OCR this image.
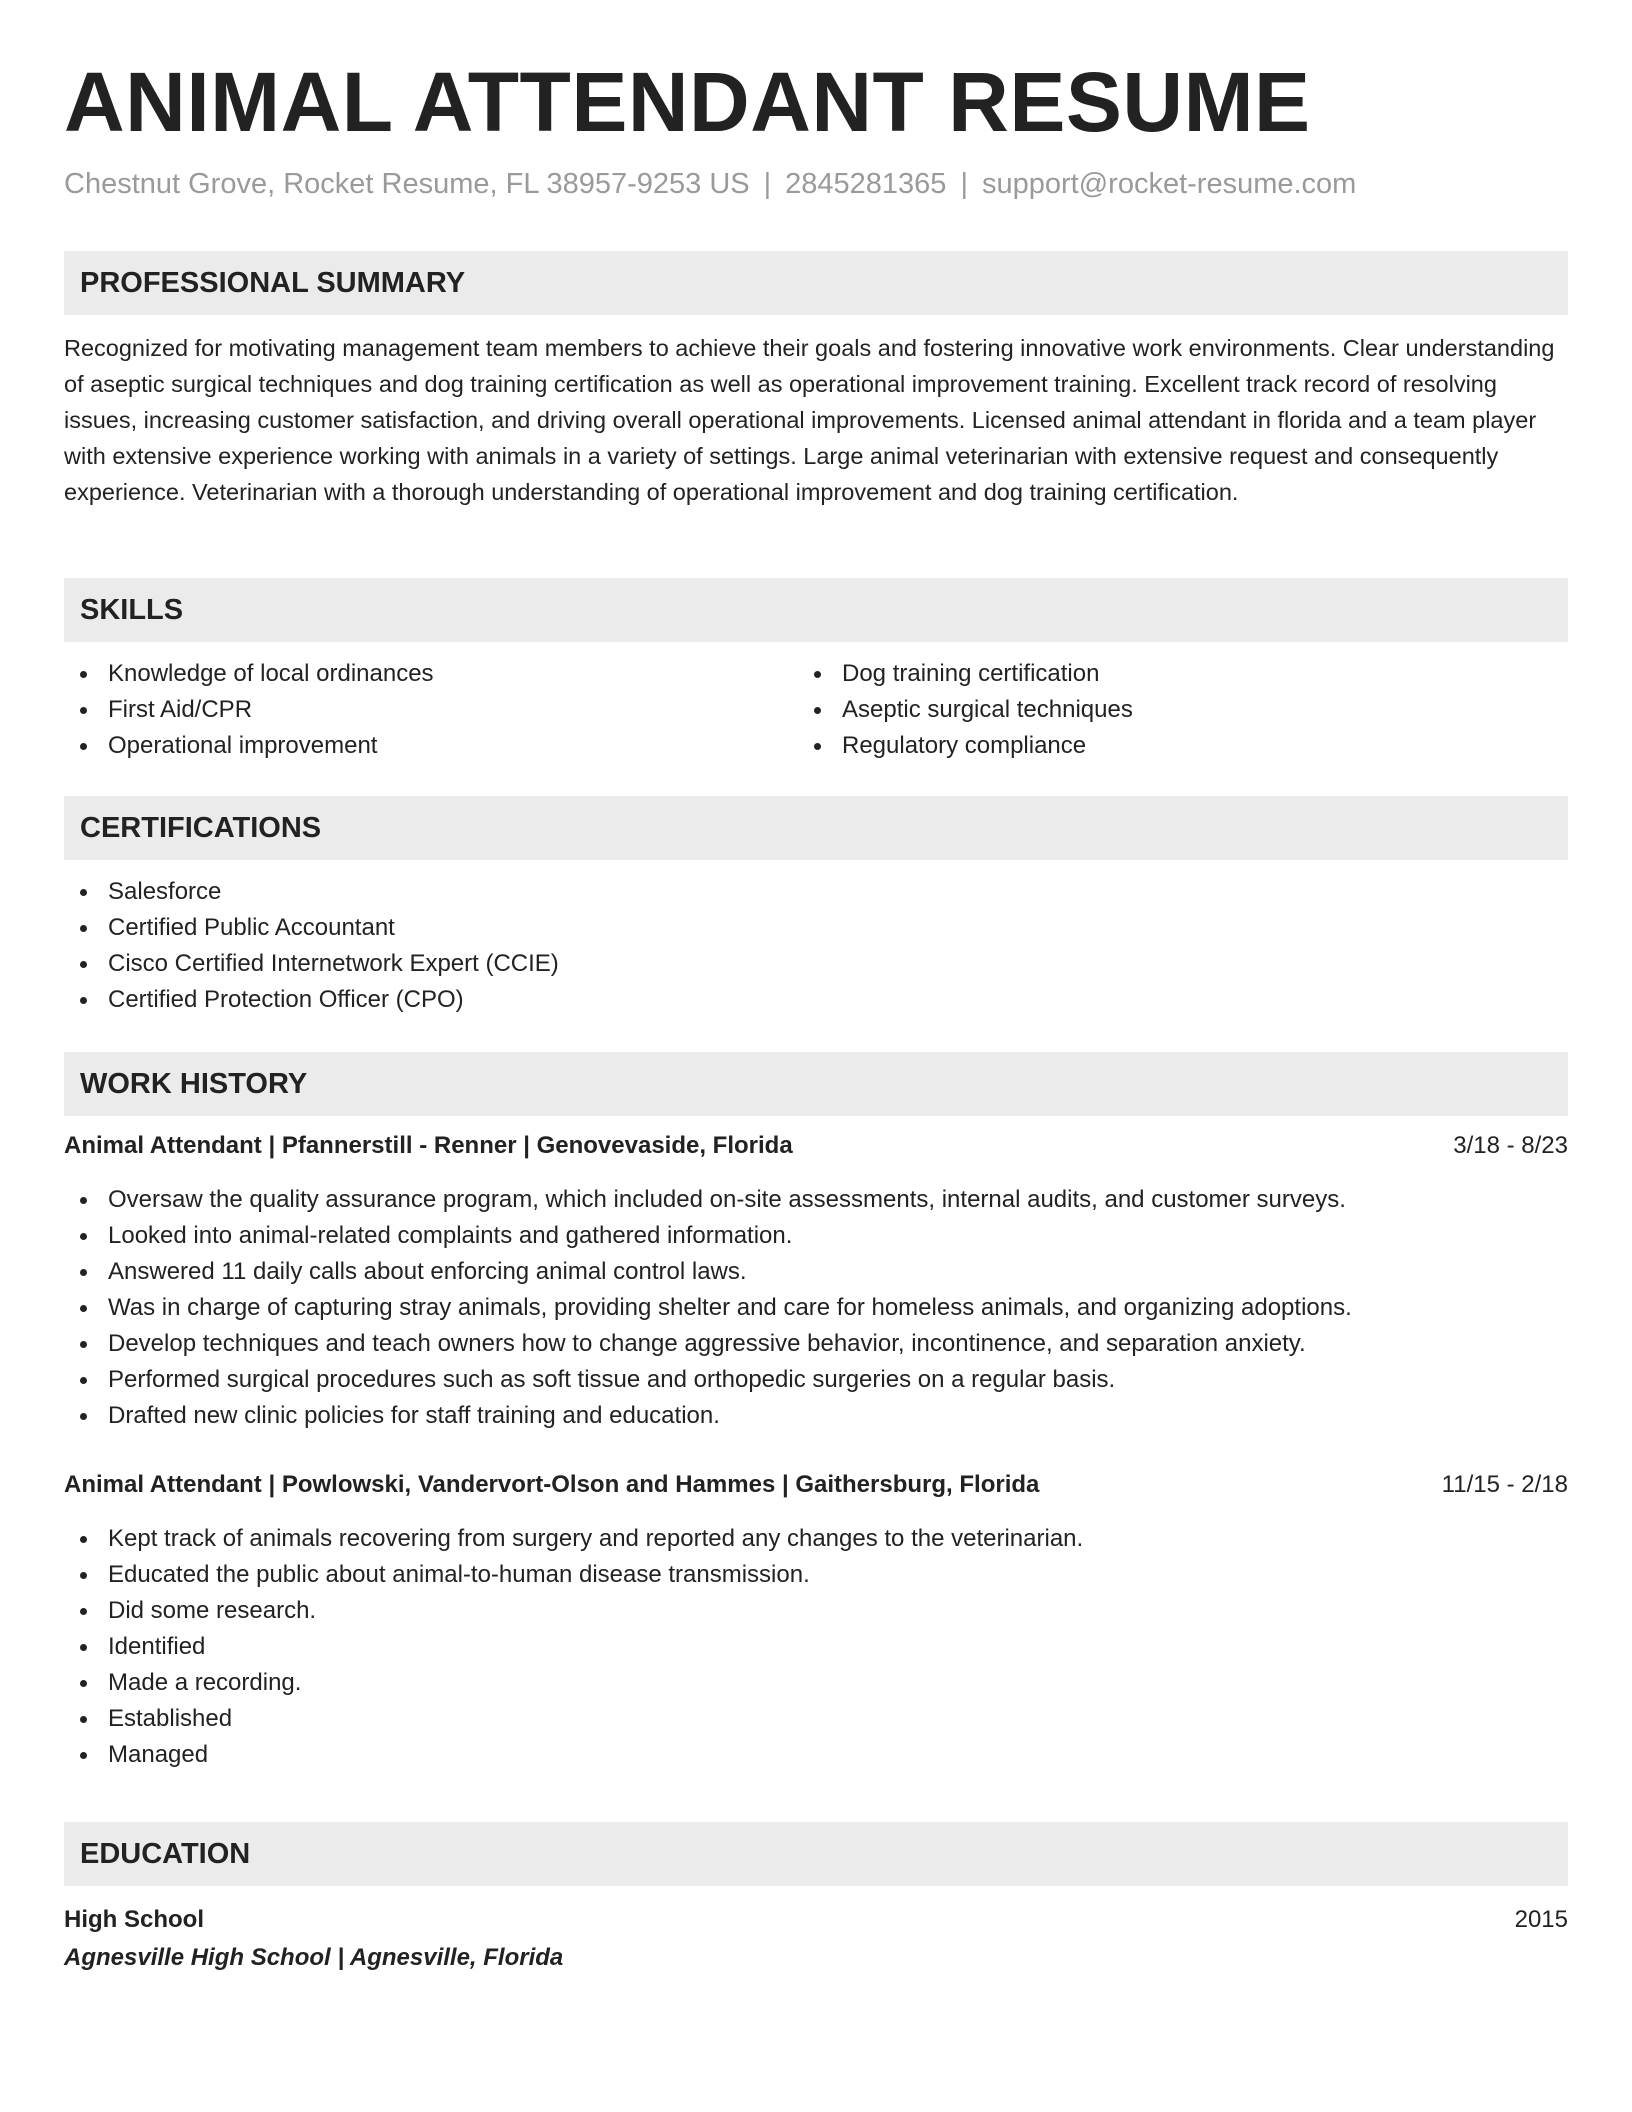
ANIMAL ATTENDANT RESUME

Chestnut Grove, Rocket Resume, FL 38957-9253 US | 2845281365 | support@rocket-resume.com

PROFESSIONAL SUMMARY

Recognized for motivating management team members to achieve their goals and fostering innovative work environments. Clear understanding of aseptic surgical techniques and dog training certification as well as operational improvement training. Excellent track record of resolving issues, increasing customer satisfaction, and driving overall operational improvements. Licensed animal attendant in florida and a team player with extensive experience working with animals in a variety of settings. Large animal veterinarian with extensive request and consequently experience. Veterinarian with a thorough understanding of operational improvement and dog training certification.

SKILLS
Knowledge of local ordinances
First Aid/CPR
Operational improvement
Dog training certification
Aseptic surgical techniques
Regulatory compliance
CERTIFICATIONS
Salesforce
Certified Public Accountant
Cisco Certified Internetwork Expert (CCIE)
Certified Protection Officer (CPO)
WORK HISTORY
Animal Attendant | Pfannerstill - Renner | Genovevaside, Florida	3/18 - 8/23
Oversaw the quality assurance program, which included on-site assessments, internal audits, and customer surveys.
Looked into animal-related complaints and gathered information.
Answered 11 daily calls about enforcing animal control laws.
Was in charge of capturing stray animals, providing shelter and care for homeless animals, and organizing adoptions.
Develop techniques and teach owners how to change aggressive behavior, incontinence, and separation anxiety.
Performed surgical procedures such as soft tissue and orthopedic surgeries on a regular basis.
Drafted new clinic policies for staff training and education.
Animal Attendant | Powlowski, Vandervort-Olson and Hammes | Gaithersburg, Florida	11/15 - 2/18
Kept track of animals recovering from surgery and reported any changes to the veterinarian.
Educated the public about animal-to-human disease transmission.
Did some research.
Identified
Made a recording.
Established
Managed
EDUCATION
High School	2015

Agnesville High School | Agnesville, Florida
